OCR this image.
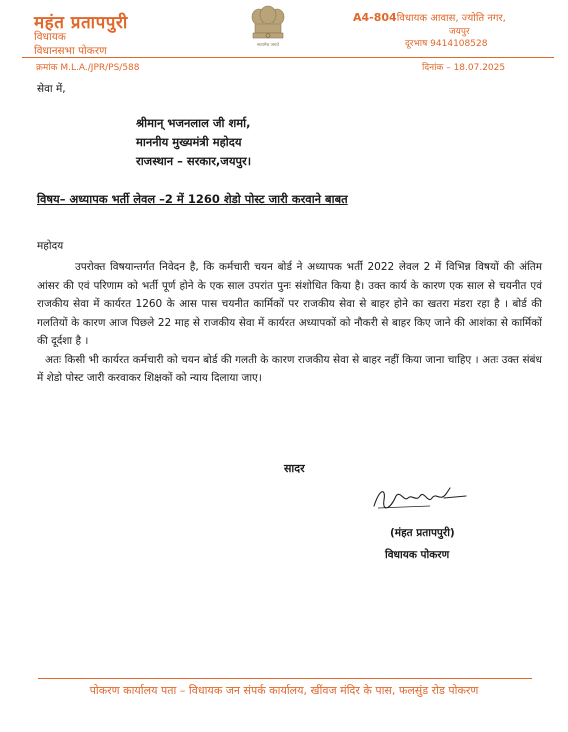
महंत प्रतापपुरी
विधायक
विधानसभा पोकरण	सत्यमेव जयते
A4-804विधायक आवास, ज्योति नगर,
जयपुर
दूरभाष 9414108528
क्रमांक M.L.A./JPR/PS/588	दिनांक – 18.07.2025
सेवा में,
श्रीमान् भजनलाल जी शर्मा,
माननीय मुख्यमंत्री महोदय
राजस्थान – सरकार,जयपुर।
विषय– अध्यापक भर्ती लेवल –2 में 1260 शेडो पोस्ट जारी करवाने बाबत
महोदय

उपरोक्त विषयान्तर्गत निवेदन है, कि कर्मचारी चयन बोर्ड ने अध्यापक भर्ती 2022 लेवल 2 में विभिन्न विषयों की अंतिम आंसर की एवं परिणाम को भर्ती पूर्ण होने के एक साल उपरांत पुनः संशोधित किया है। उक्त कार्य के कारण एक साल से चयनीत एवं राजकीय सेवा में कार्यरत 1260 के आस पास चयनीत कार्मिकों पर राजकीय सेवा से बाहर होने का खतरा मंडरा रहा है । बोर्ड की गलतियों के कारण आज पिछले 22 माह से राजकीय सेवा में कार्यरत अध्यापकों को नौकरी से बाहर किए जाने की आशंका से कार्मिकों की दूर्दशा है ।

अतः किसी भी कार्यरत कर्मचारी को चयन बोर्ड की गलती के कारण राजकीय सेवा से बाहर नहीं किया जाना चाहिए । अतः उक्त संबंध में शेडो पोस्ट जारी करवाकर शिक्षकों को न्याय दिलाया जाए।

सादर
(मंहत प्रतापपुरी)
विधायक पोकरण
पोकरण कार्यालय पता – विधायक जन संपर्क कार्यालय, खींवज मंदिर के पास, फलसुंड रोड पोकरण
